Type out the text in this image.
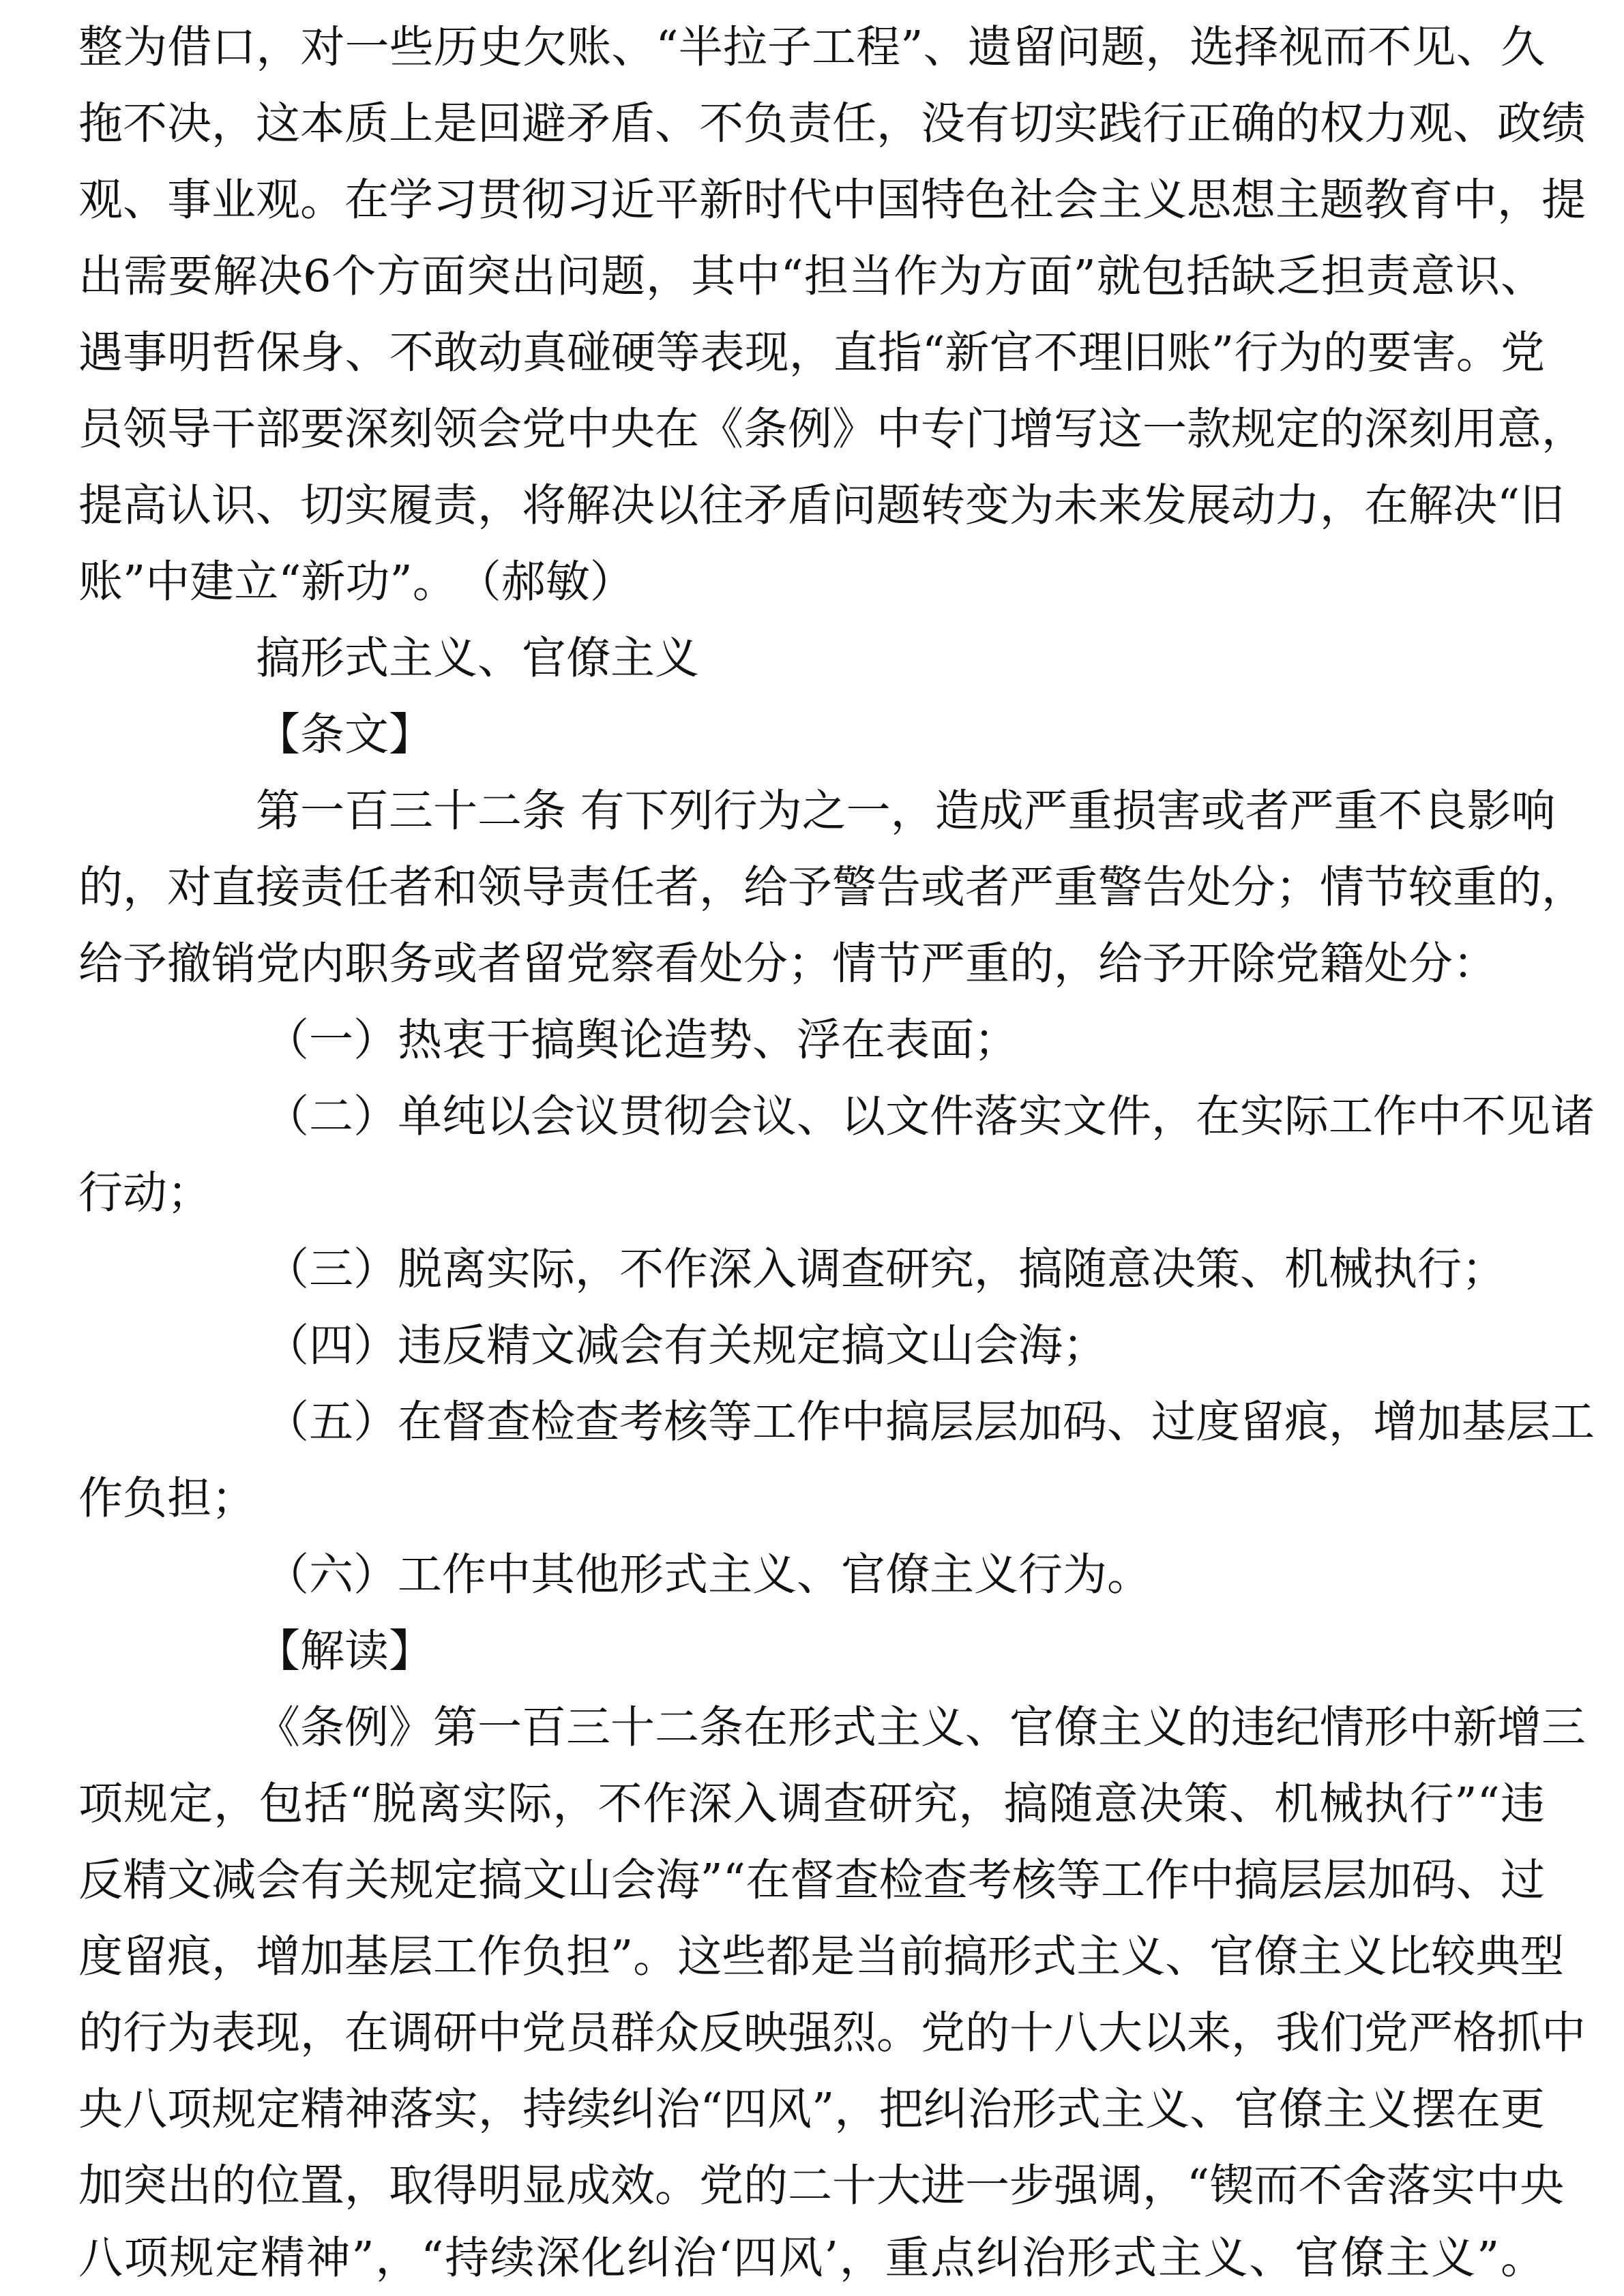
整为借口，对一些历史欠账、“半拉子工程”、遗留问题，选择视而不见、久
拖不决，这本质上是回避矛盾、不负责任，没有切实践行正确的权力观、政绩
观、事业观。在学习贯彻习近平新时代中国特色社会主义思想主题教育中，提
出需要解决6个方面突出问题，其中“担当作为方面”就包括缺乏担责意识、
遇事明哲保身、不敢动真碰硬等表现，直指“新官不理旧账”行为的要害。党
员领导干部要深刻领会党中央在《条例》中专门增写这一款规定的深刻用意，
提高认识、切实履责，将解决以往矛盾问题转变为未来发展动力，在解决“旧
账”中建立“新功”。　（郝敏）
搞形式主义、官僚主义
【条文】
第一百三十二条 有下列行为之一，造成严重损害或者严重不良影响
的，对直接责任者和领导责任者，给予警告或者严重警告处分；情节较重的，
给予撤销党内职务或者留党察看处分；情节严重的，给予开除党籍处分：
（一）热衷于搞舆论造势、浮在表面；
（二）单纯以会议贯彻会议、以文件落实文件，在实际工作中不见诸
行动；
（三）脱离实际，不作深入调查研究，搞随意决策、机械执行；
（四）违反精文减会有关规定搞文山会海；
（五）在督查检查考核等工作中搞层层加码、过度留痕，增加基层工
作负担；
（六）工作中其他形式主义、官僚主义行为。
【解读】
《条例》第一百三十二条在形式主义、官僚主义的违纪情形中新增三
项规定，包括“脱离实际，不作深入调查研究，搞随意决策、机械执行”“违
反精文减会有关规定搞文山会海”“在督查检查考核等工作中搞层层加码、过
度留痕，增加基层工作负担”。这些都是当前搞形式主义、官僚主义比较典型
的行为表现，在调研中党员群众反映强烈。党的十八大以来，我们党严格抓中
央八项规定精神落实，持续纠治“四风”，把纠治形式主义、官僚主义摆在更
加突出的位置，取得明显成效。党的二十大进一步强调，“锲而不舍落实中央
八项规定精神”，“持续深化纠治‘四风’，重点纠治形式主义、官僚主义”。
